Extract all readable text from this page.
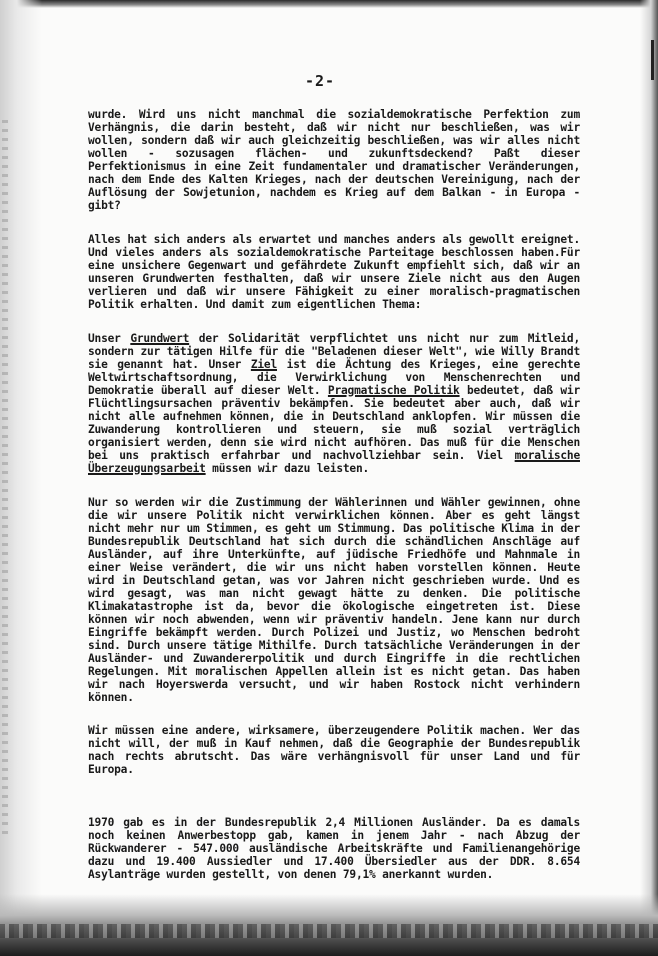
-2-

wurde. Wird uns nicht manchmal die sozialdemokratische Perfektion zum Verhängnis, die darin besteht, daß wir nicht nur beschließen, was wir wollen, sondern daß wir auch gleichzeitig beschließen, was wir alles nicht wollen - sozusagen flächen- und zukunftsdeckend? Paßt dieser Perfektionismus in eine Zeit fundamentaler und dramatischer Veränderungen, nach dem Ende des Kalten Krieges, nach der deutschen Vereinigung, nach der Auflösung der Sowjetunion, nachdem es Krieg auf dem Balkan - in Europa - gibt?

Alles hat sich anders als erwartet und manches anders als gewollt ereignet. Und vieles anders als sozialdemokratische Parteitage beschlossen haben.Für eine unsichere Gegenwart und gefährdete Zukunft empfiehlt sich, daß wir an unseren Grundwerten festhalten, daß wir unsere Ziele nicht aus den Augen verlieren und daß wir unsere Fähigkeit zu einer moralisch-pragmatischen Politik erhalten. Und damit zum eigentlichen Thema:

Unser Grundwert der Solidarität verpflichtet uns nicht nur zum Mitleid, sondern zur tätigen Hilfe für die "Beladenen dieser Welt", wie Willy Brandt sie genannt hat. Unser Ziel ist die Ächtung des Krieges, eine gerechte Weltwirtschaftsordnung, die Verwirklichung von Menschenrechten und Demokratie überall auf dieser Welt. Pragmatische Politik bedeutet, daß wir Flüchtlingsursachen präventiv bekämpfen. Sie bedeutet aber auch, daß wir nicht alle aufnehmen können, die in Deutschland anklopfen. Wir müssen die Zuwanderung kontrollieren und steuern, sie muß sozial verträglich organisiert werden, denn sie wird nicht aufhören. Das muß für die Menschen bei uns praktisch erfahrbar und nachvollziehbar sein. Viel moralische Überzeugungsarbeit müssen wir dazu leisten.

Nur so werden wir die Zustimmung der Wählerinnen und Wähler gewinnen, ohne die wir unsere Politik nicht verwirklichen können. Aber es geht längst nicht mehr nur um Stimmen, es geht um Stimmung. Das politische Klima in der Bundesrepublik Deutschland hat sich durch die schändlichen Anschläge auf Ausländer, auf ihre Unterkünfte, auf jüdische Friedhöfe und Mahnmale in einer Weise verändert, die wir uns nicht haben vorstellen können. Heute wird in Deutschland getan, was vor Jahren nicht geschrieben wurde. Und es wird gesagt, was man nicht gewagt hätte zu denken. Die politische Klimakatastrophe ist da, bevor die ökologische eingetreten ist. Diese können wir noch abwenden, wenn wir präventiv handeln. Jene kann nur durch Eingriffe bekämpft werden. Durch Polizei und Justiz, wo Menschen bedroht sind. Durch unsere tätige Mithilfe. Durch tatsächliche Veränderungen in der Ausländer- und Zuwandererpolitik und durch Eingriffe in die rechtlichen Regelungen. Mit moralischen Appellen allein ist es nicht getan. Das haben wir nach Hoyerswerda versucht, und wir haben Rostock nicht verhindern können.

Wir müssen eine andere, wirksamere, überzeugendere Politik machen. Wer das nicht will, der muß in Kauf nehmen, daß die Geographie der Bundesrepublik nach rechts abrutscht. Das wäre verhängnisvoll für unser Land und für Europa.

1970 gab es in der Bundesrepublik 2,4 Millionen Ausländer. Da es damals noch keinen Anwerbestopp gab, kamen in jenem Jahr - nach Abzug der Rückwanderer - 547.000 ausländische Arbeitskräfte und Familienangehörige dazu und 19.400 Aussiedler und 17.400 Übersiedler aus der DDR. 8.654 Asylanträge wurden gestellt, von denen 79,1% anerkannt wurden.
